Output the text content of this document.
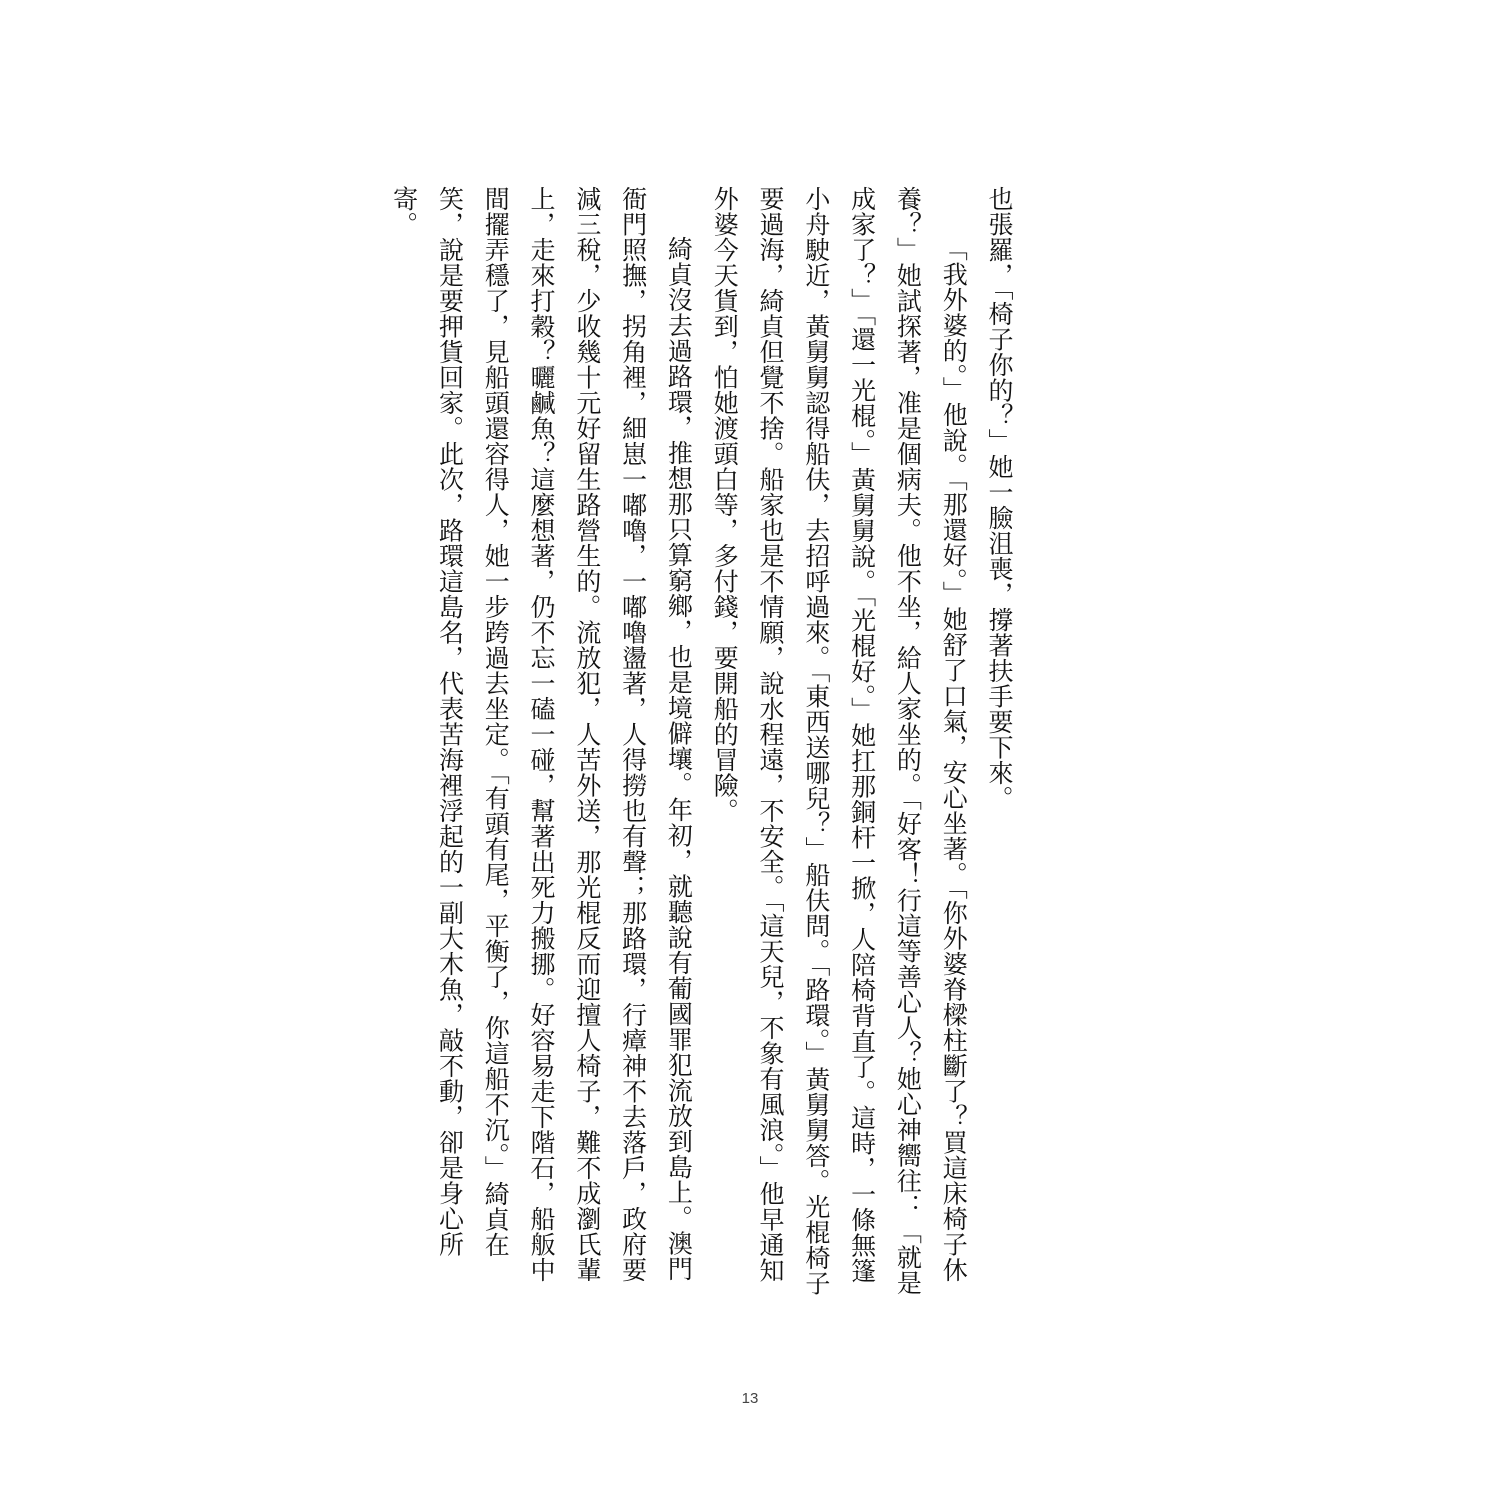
也張羅，「椅子你的？」她一臉沮喪，撐著扶手要下來。

「我外婆的。」他說。「那還好。」她舒了口氣，安心坐著。「你外婆脊樑柱斷了？買這床椅子休養？」她試探著，准是個病夫。他不坐，給人家坐的。「好客！行這等善心人？她心神嚮往：「就是成家了？」「還一光棍。」黃舅舅說。「光棍好。」她扛那銅杆一掀，人陪椅背直了。這時，一條無篷小舟駛近，黃舅舅認得船伕，去招呼過來。「東西送哪兒？」船伕問。「路環。」黃舅舅答。光棍椅子要過海，綺貞但覺不捨。船家也是不情願，說水程遠，不安全。「這天兒，不象有風浪。」他早通知外婆今天貨到，怕她渡頭白等，多付錢，要開船的冒險。

綺貞沒去過路環，推想那只算窮鄉，也是境僻壤。年初，就聽說有葡國罪犯流放到島上。澳門衙門照撫，拐角裡，細崽一嘟嚕，一嘟嚕盪著，人得撈也有聲；那路環，行瘴神不去落戶，政府要減三稅，少收幾十元好留生路營生的。流放犯，人苦外送，那光棍反而迎擅人椅子，難不成瀏氏輩上，走來打穀？曬鹹魚？這麼想著，仍不忘一磕一碰，幫著出死力搬挪。好容易走下階石，船舨中間擺弄穩了，見船頭還容得人，她一步跨過去坐定。「有頭有尾，平衡了，你這船不沉。」綺貞在笑，說是要押貨回家。此次，路環這島名，代表苦海裡浮起的一副大木魚，敲不動，卻是身心所寄。

13
